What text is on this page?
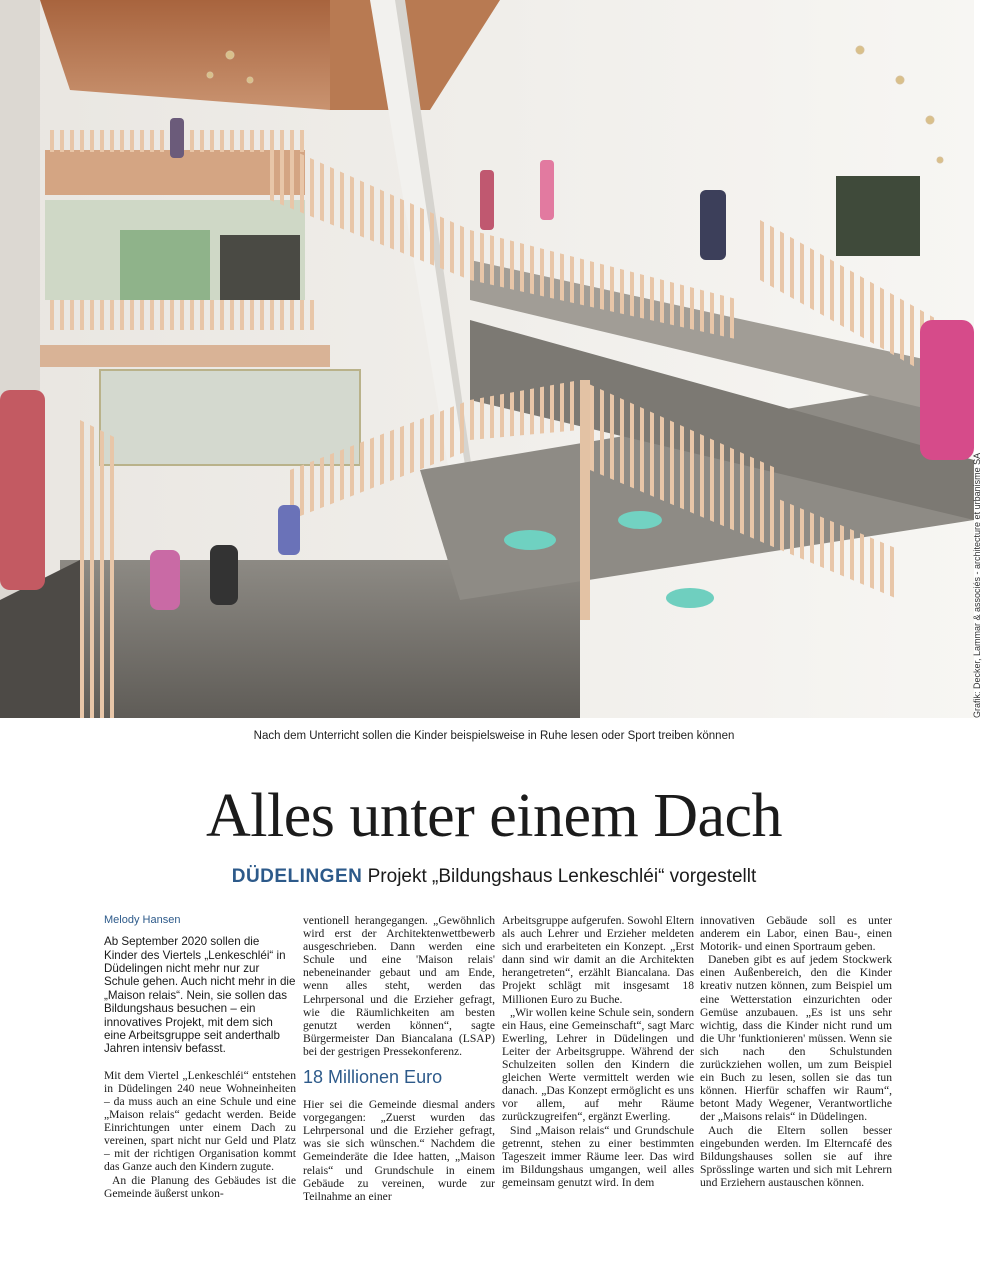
Grafik: Decker, Lammar & associés - architecture et urbanisme SA
Nach dem Unterricht sollen die Kinder beispielsweise in Ruhe lesen oder Sport treiben können
Alles unter einem Dach
DÜDELINGEN Projekt „Bildungshaus Lenkeschléi“ vorgestellt
Melody Hansen

Ab September 2020 sollen die Kinder des Viertels „Lenkeschléi“ in Düdelingen nicht mehr nur zur Schule gehen. Auch nicht mehr in die „Maison relais“. Nein, sie sollen das Bildungshaus besuchen – ein innovatives Projekt, mit dem sich eine Arbeitsgruppe seit anderthalb Jahren intensiv befasst.

Mit dem Viertel „Lenkeschléi“ entstehen in Düdelingen 240 neue Wohneinheiten – da muss auch an eine Schule und eine „Maison relais“ gedacht werden. Beide Einrichtungen unter einem Dach zu vereinen, spart nicht nur Geld und Platz – mit der richtigen Organisation kommt das Ganze auch den Kindern zugute.

An die Planung des Gebäudes ist die Gemeinde äußerst unkon-

ventionell herangegangen. „Gewöhnlich wird erst der Architektenwettbewerb ausgeschrieben. Dann werden eine Schule und eine 'Maison relais' nebeneinander gebaut und am Ende, wenn alles steht, werden das Lehrpersonal und die Erzieher gefragt, wie die Räumlichkeiten am besten genutzt werden können“, sagte Bürgermeister Dan Biancalana (LSAP) bei der gestrigen Pressekonferenz.

18 Millionen Euro

Hier sei die Gemeinde diesmal anders vorgegangen: „Zuerst wurden das Lehrpersonal und die Erzieher gefragt, was sie sich wünschen.“ Nachdem die Gemeinderäte die Idee hatten, „Maison relais“ und Grundschule in einem Gebäude zu vereinen, wurde zur Teilnahme an einer

Arbeitsgruppe aufgerufen. Sowohl Eltern als auch Lehrer und Erzieher meldeten sich und erarbeiteten ein Konzept. „Erst dann sind wir damit an die Architekten herangetreten“, erzählt Biancalana. Das Projekt schlägt mit insgesamt 18 Millionen Euro zu Buche.

„Wir wollen keine Schule sein, sondern ein Haus, eine Gemeinschaft“, sagt Marc Ewerling, Lehrer in Düdelingen und Leiter der Arbeitsgruppe. Während der Schulzeiten sollen den Kindern die gleichen Werte vermittelt werden wie danach. „Das Konzept ermöglicht es uns vor allem, auf mehr Räume zurückzugreifen“, ergänzt Ewerling.

Sind „Maison relais“ und Grundschule getrennt, stehen zu einer bestimmten Tageszeit immer Räume leer. Das wird im Bildungshaus umgangen, weil alles gemeinsam genutzt wird. In dem

innovativen Gebäude soll es unter anderem ein Labor, einen Bau-, einen Motorik- und einen Sportraum geben.

Daneben gibt es auf jedem Stockwerk einen Außenbereich, den die Kinder kreativ nutzen können, zum Beispiel um eine Wetterstation einzurichten oder Gemüse anzubauen. „Es ist uns sehr wichtig, dass die Kinder nicht rund um die Uhr 'funktionieren' müssen. Wenn sie sich nach den Schulstunden zurückziehen wollen, um zum Beispiel ein Buch zu lesen, sollen sie das tun können. Hierfür schaffen wir Raum“, betont Mady Wegener, Verantwortliche der „Maisons relais“ in Düdelingen.

Auch die Eltern sollen besser eingebunden werden. Im Elterncafé des Bildungshauses sollen sie auf ihre Sprösslinge warten und sich mit Lehrern und Erziehern austauschen können.
